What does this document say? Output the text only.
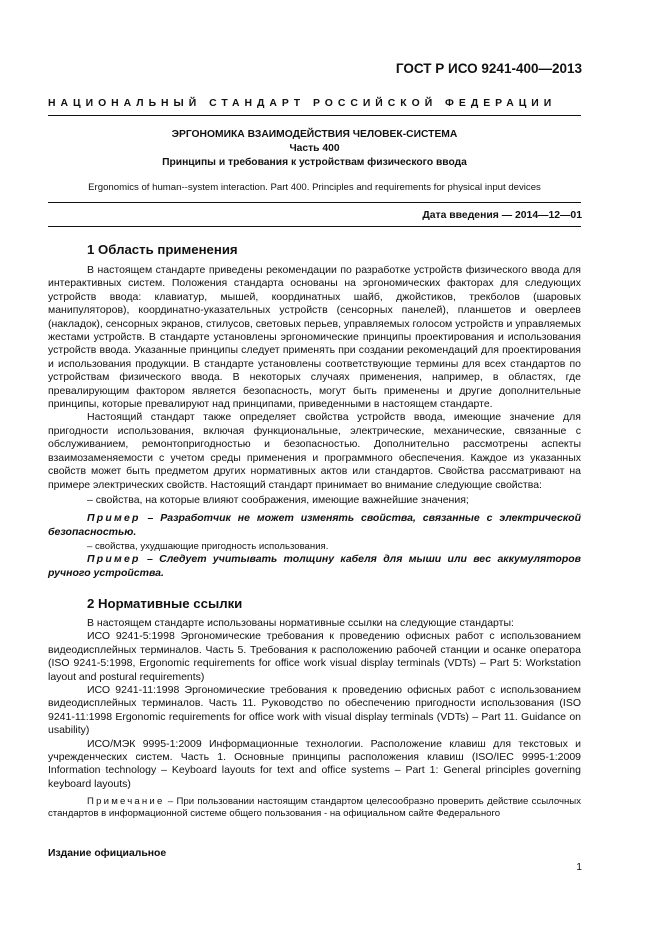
ГОСТ Р ИСО 9241-400—2013
НАЦИОНАЛЬНЫЙ СТАНДАРТ РОССИЙСКОЙ ФЕДЕРАЦИИ
ЭРГОНОМИКА ВЗАИМОДЕЙСТВИЯ ЧЕЛОВЕК-СИСТЕМА
Часть 400
Принципы и требования к устройствам физического ввода
Ergonomics of human--system interaction. Part 400. Principles and requirements for physical input devices
Дата введения — 2014—12—01
1 Область применения

В настоящем стандарте приведены рекомендации по разработке устройств физического ввода для интерактивных систем. Положения стандарта основаны на эргономических факторах для следующих устройств ввода: клавиатур, мышей, координатных шайб, джойстиков, трекболов (шаровых манипуляторов), координатно-указательных устройств (сенсорных панелей), планшетов и оверлеев (накладок), сенсорных экранов, стилусов, световых перьев, управляемых голосом устройств и управляемых жестами устройств. В стандарте установлены эргономические принципы проектирования и использования устройств ввода. Указанные принципы следует применять при создании рекомендаций для проектирования и использования продукции. В стандарте установлены соответствующие термины для всех стандартов по устройствам физического ввода. В некоторых случаях применения, например, в областях, где превалирующим фактором является безопасность, могут быть применены и другие дополнительные принципы, которые превалируют над принципами, приведенными в настоящем стандарте.

Настоящий стандарт также определяет свойства устройств ввода, имеющие значение для пригодности использования, включая функциональные, электрические, механические, связанные с обслуживанием, ремонтопригодностью и безопасностью. Дополнительно рассмотрены аспекты взаимозаменяемости с учетом среды применения и программного обеспечения. Каждое из указанных свойств может быть предметом других нормативных актов или стандартов. Свойства рассматривают на примере электрических свойств. Настоящий стандарт принимает во внимание следующие свойства:

– свойства, на которые влияют соображения, имеющие важнейшие значения;

Пример – Разработчик не может изменять свойства, связанные с электрической безопасностью.

– свойства, ухудшающие пригодность использования.

Пример – Следует учитывать толщину кабеля для мыши или вес аккумуляторов ручного устройства.

2 Нормативные ссылки

В настоящем стандарте использованы нормативные ссылки на следующие стандарты:

ИСО 9241-5:1998 Эргономические требования к проведению офисных работ с использованием видеодисплейных терминалов. Часть 5. Требования к расположению рабочей станции и осанке оператора (ISO 9241-5:1998, Ergonomic requirements for office work visual display terminals (VDTs) – Part 5: Workstation layout and postural requirements)

ИСО 9241-11:1998 Эргономические требования к проведению офисных работ с использованием видеодисплейных терминалов. Часть 11. Руководство по обеспечению пригодности использования (ISO 9241-11:1998 Ergonomic requirements for office work with visual display terminals (VDTs) – Part 11. Guidance on usability)

ИСО/МЭК 9995-1:2009 Информационные технологии. Расположение клавиш для текстовых и учрежденческих систем. Часть 1. Основные принципы расположения клавиш (ISO/IEC 9995-1:2009 Information technology – Keyboard layouts for text and office systems – Part 1: General principles governing keyboard layouts)

Примечание – При пользовании настоящим стандартом целесообразно проверить действие ссылочных стандартов в информационной системе общего пользования - на официальном сайте Федерального

Издание официальное
1
